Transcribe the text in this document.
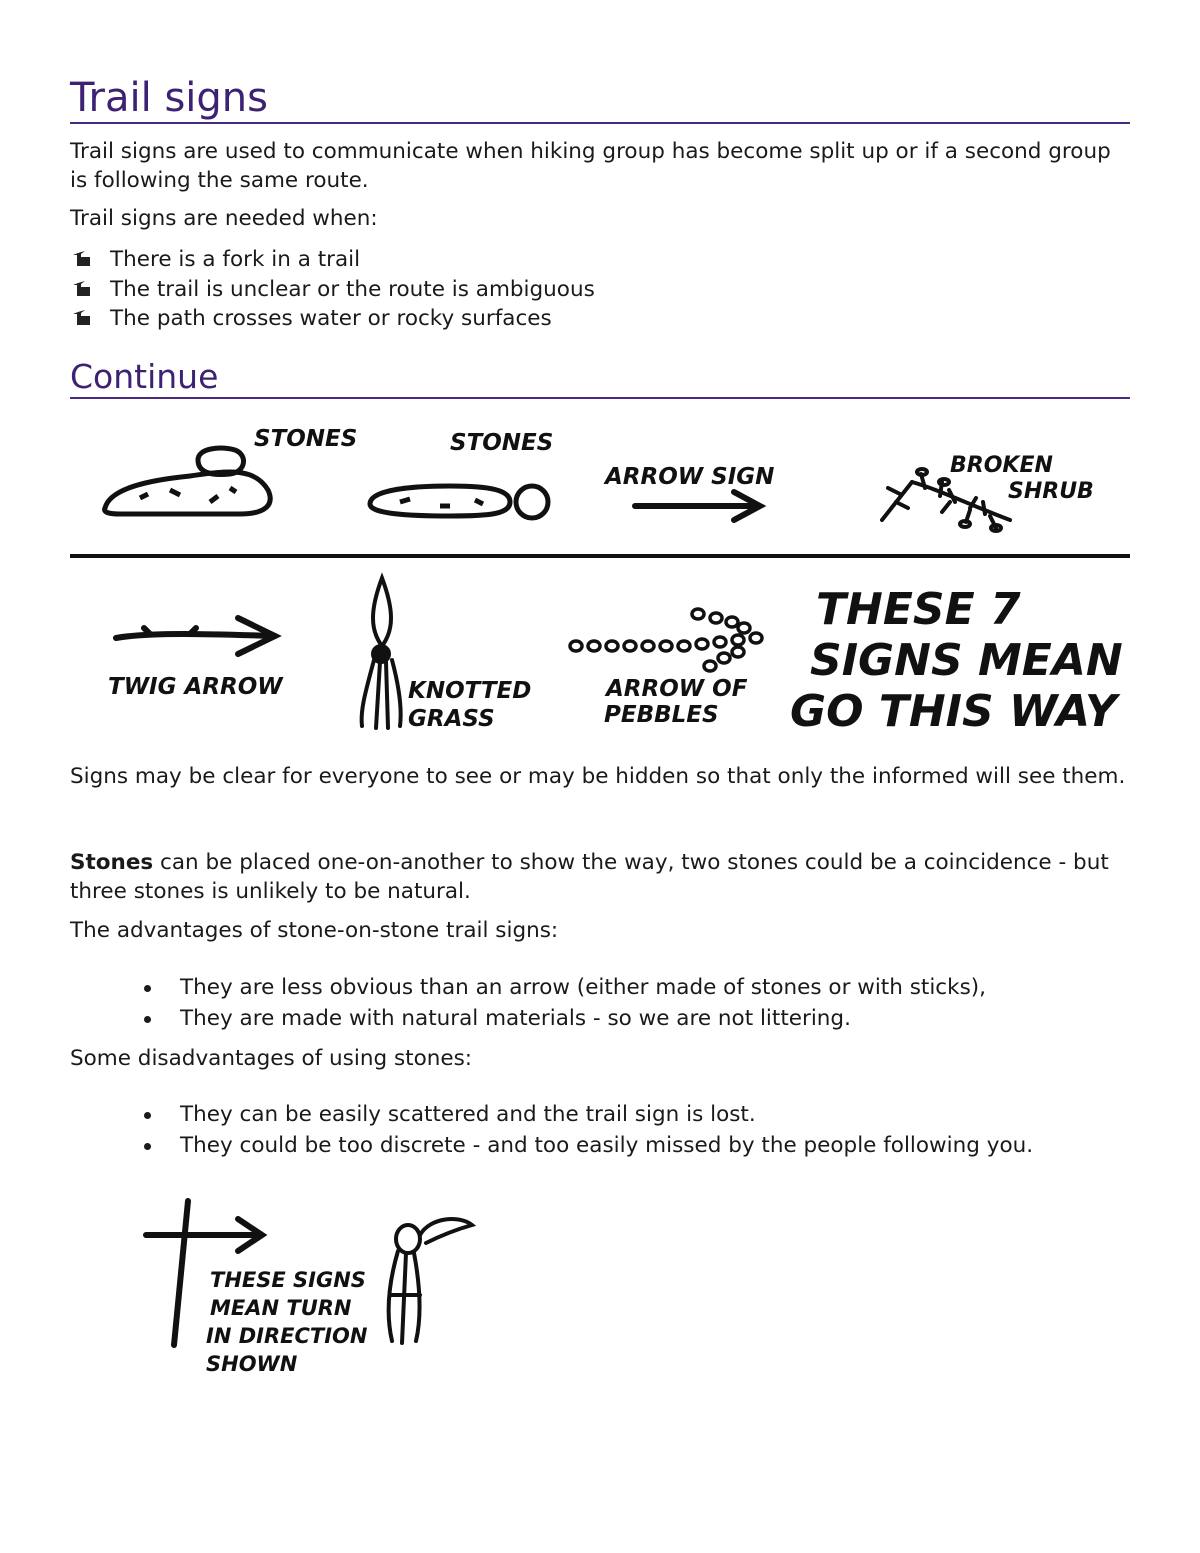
Trail signs

Trail signs are used to communicate when hiking group has become split up or if a second group is following the same route.

Trail signs are needed when:

There is a fork in a trail
The trail is unclear or the route is ambiguous
The path crosses water or rocky surfaces
Continue
STONES	STONES
ARROW SIGN	BROKEN
SHRUB
TWIG ARROW	KNOTTED
GRASS
ARROW OF
PEBBLES
THESE 7
SIGNS MEAN
GO THIS WAY

Signs may be clear for everyone to see or may be hidden so that only the informed will see them.

Stones can be placed one-on-another to show the way, two stones could be a coincidence - but three stones is unlikely to be natural.

The advantages of stone-on-stone trail signs:

They are less obvious than an arrow (either made of stones or with sticks),
They are made with natural materials - so we are not littering.

Some disadvantages of using stones:

They can be easily scattered and the trail sign is lost.
They could be too discrete - and too easily missed by the people following you.
THESE SIGNS
MEAN TURN
IN DIRECTION
SHOWN
